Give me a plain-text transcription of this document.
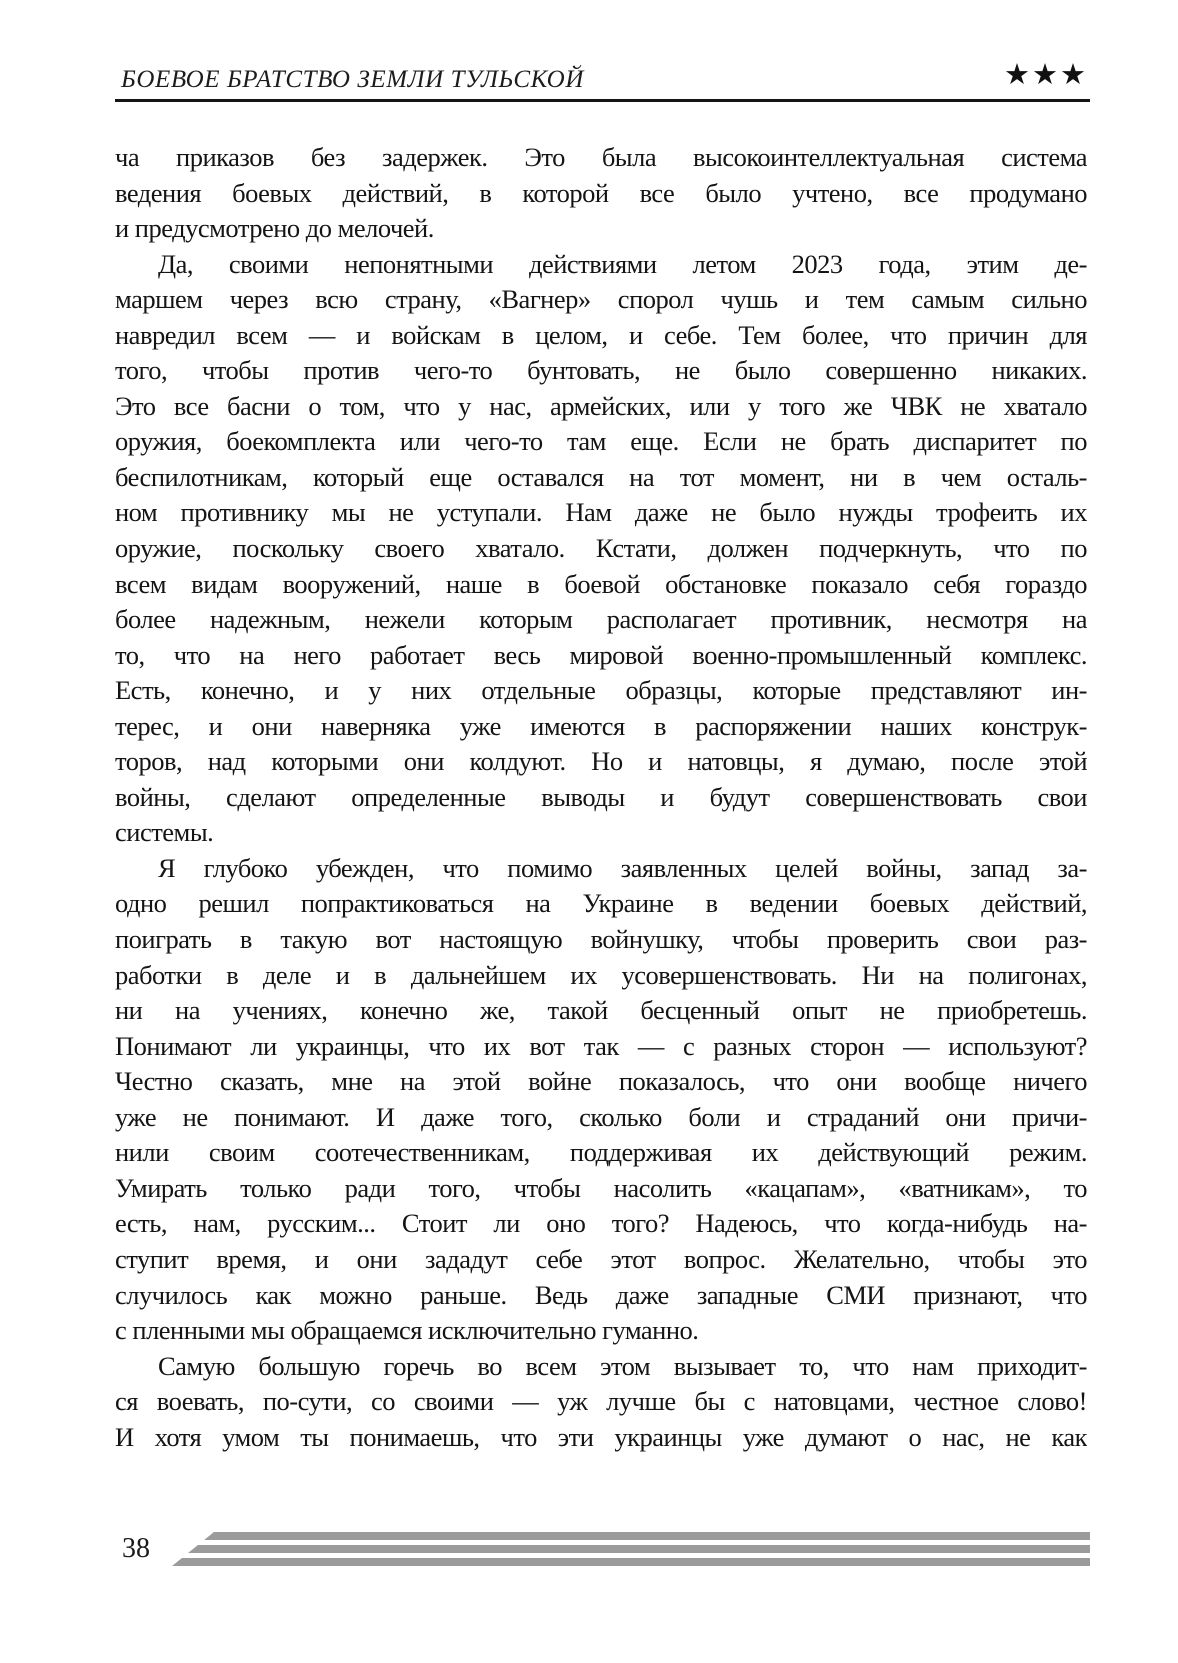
БОЕВОЕ БРАТСТВО ЗЕМЛИ ТУЛЬСКОЙ	★★★
ча приказов без задержек. Это была высокоинтеллектуальная система
ведения боевых действий, в которой все было учтено, все продумано
и предусмотрено до мелочей.
Да, своими непонятными действиями летом 2023 года, этим де-
маршем через всю страну, «Вагнер» спорол чушь и тем самым сильно
навредил всем — и войскам в целом, и себе. Тем более, что причин для
того, чтобы против чего-то бунтовать, не было совершенно никаких.
Это все басни о том, что у нас, армейских, или у того же ЧВК не хватало
оружия, боекомплекта или чего-то там еще. Если не брать диспаритет по
беспилотникам, который еще оставался на тот момент, ни в чем осталь-
ном противнику мы не уступали. Нам даже не было нужды трофеить их
оружие, поскольку своего хватало. Кстати, должен подчеркнуть, что по
всем видам вооружений, наше в боевой обстановке показало себя гораздо
более надежным, нежели которым располагает противник, несмотря на
то, что на него работает весь мировой военно-промышленный комплекс.
Есть, конечно, и у них отдельные образцы, которые представляют ин-
терес, и они наверняка уже имеются в распоряжении наших конструк-
торов, над которыми они колдуют. Но и натовцы, я думаю, после этой
войны, сделают определенные выводы и будут совершенствовать свои
системы.
Я глубоко убежден, что помимо заявленных целей войны, запад за-
одно решил попрактиковаться на Украине в ведении боевых действий,
поиграть в такую вот настоящую войнушку, чтобы проверить свои раз-
работки в деле и в дальнейшем их усовершенствовать. Ни на полигонах,
ни на учениях, конечно же, такой бесценный опыт не приобретешь.
Понимают ли украинцы, что их вот так — с разных сторон — используют?
Честно сказать, мне на этой войне показалось, что они вообще ничего
уже не понимают. И даже того, сколько боли и страданий они причи-
нили своим соотечественникам, поддерживая их действующий режим.
Умирать только ради того, чтобы насолить «кацапам», «ватникам», то
есть, нам, русским... Стоит ли оно того? Надеюсь, что когда-нибудь на-
ступит время, и они зададут себе этот вопрос. Желательно, чтобы это
случилось как можно раньше. Ведь даже западные СМИ признают, что
с пленными мы обращаемся исключительно гуманно.
Самую большую горечь во всем этом вызывает то, что нам приходит-
ся воевать, по-сути, со своими — уж лучше бы с натовцами, честное слово!
И хотя умом ты понимаешь, что эти украинцы уже думают о нас, не как
38
